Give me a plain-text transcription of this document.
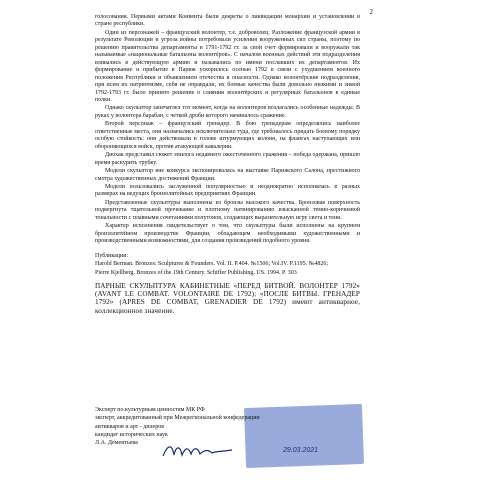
2

голосования. Первыми актами Конвента были декреты о ликвидации монархии и установлении в стране республики.

Один из персонажей – французский волонтер, т.е. доброволец. Разложение французской армии в результате Революции и угроза войны потребовали усиления вооруженных сил страны, поэтому по решению правительства департаменты в 1791-1792 гг. за свой счет формировали и вооружали так называемые «национальные батальоны волонтёров». С началом военных действий эти подразделения вливались в действующую армию и назывались по имени пославших их департаментов. Их формирование и прибытие в Париж ускорилось осенью 1792 в связи с ухудшением военного положения Республики и объявлением отечества в опасности. Однако волонтёрские подразделения, при всем их патриотизме, себя не оправдали, их боевые качества были довольно низкими и зимой 1792-1793 гг. было принято решение о слиянии волонтёрских и регулярных батальонов в единые полки.

Однако скульптор запечатлел тот момент, когда на волонтеров возлагались особенные надежды. В руках у волонтера барабан, с четкой дроби которого начиналось сражение.

Второй персонаж – французский гренадер. В бою гренадерам определялись наиболее ответственные места, они назначались исключительно туда, где требовалось придать боевому порядку особую стойкость: они действовали в голове штурмующих колонн, на флангах наступающих или обороняющихся войск, против атакующей кавалерии.

Диохак представил сюжет эпилога недавнего ожесточенного сражения – победа одержана, пришло время раскурить трубку.

Модели скульптор вне конкурса экспонировалась на выставке Парижского Салона, престижного смотра художественных достижений Франции.

Модели пользовались заслуженной популярностью и неоднократно исполнялась в разных размерах на ведущих бронзолитейных предприятиях Франции.

Представленные скульптуры выполнены из бронзы высокого качества. Бронзовая поверхность подвергнута тщательной прочеканке и плотному патинированию изысканной темно-коричневой тональности с плавными сочетаниями полутонов, создающих выразительную игру света и тени.

Характер исполнения свидетельствует о том, что скульптуры были исполнены на крупном бронзолитейном производстве Франции, обладающем необходимыми художественными и производственными возможностями, для создания произведений подобного уровня.

Публикации:

Harold Berman. Bronzes: Sculptures & Founders. Vol. II. P.404. №1506; Vol.IV. P.1195. №4826;

Pierre Kjellberg. Bronzes of the 19th Century. Schiffer Publishing. US. 1994. P. 303

ПАРНЫЕ СКУЛЬПТУРА КАБИНЕТНЫЕ «ПЕРЕД БИТВОЙ. ВОЛОНТЕР 1792» (AVANT LE COMBAT. VOLONTAIRE DE 1792); «ПОСЛЕ БИТВЫ. ГРЕНАДЕР 1792» (APRES DE COMBAT, GRENADIER DE 1792) имеют антикварное, коллекционное значение.

29.03.2021

Эксперт по культурным ценностям МК РФ

эксперт, аккредитованный при Межрегиональной конфедерации

антикваров и арт - дилеров

кандидат исторических наук

Л.А. Дементьева
